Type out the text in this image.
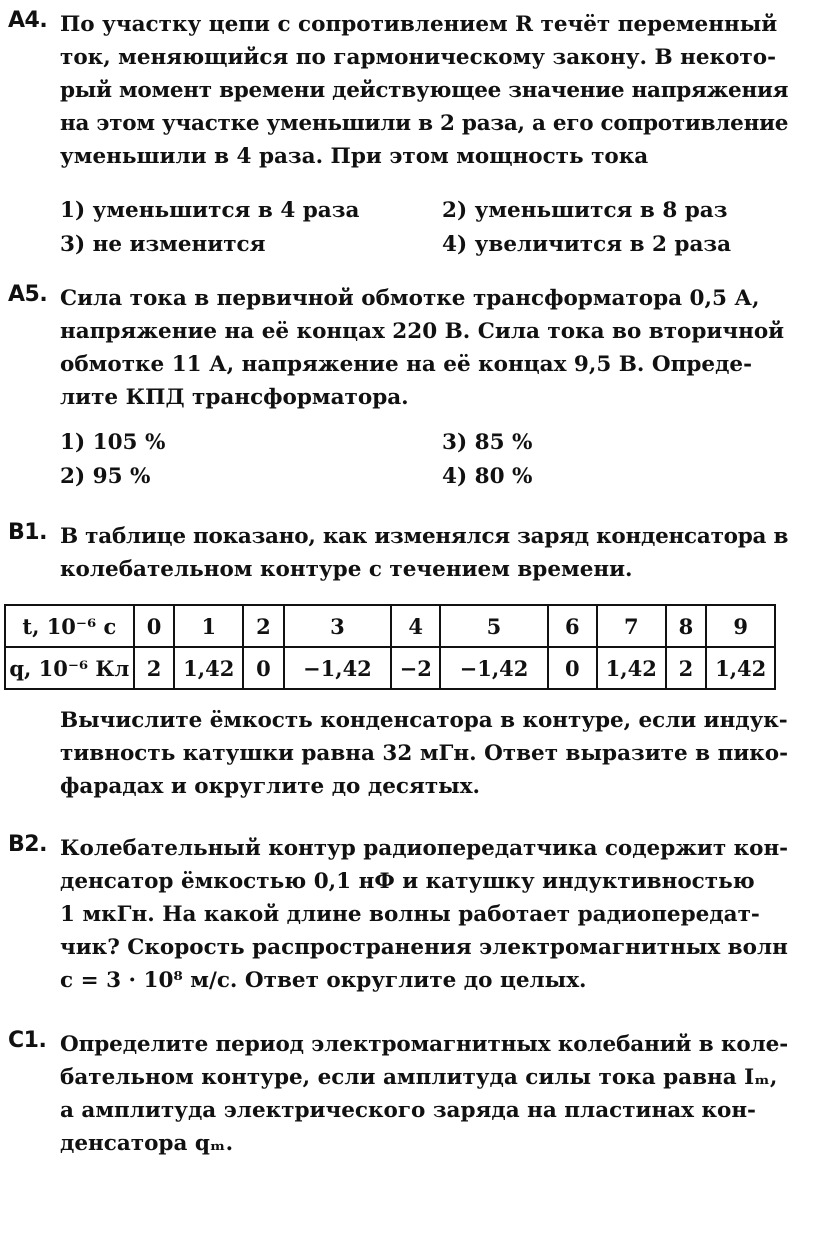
А4. По участку цепи с сопротивлением R течёт переменный
ток, меняющийся по гармоническому закону. В некото-
рый момент времени действующее значение напряжения
на этом участке уменьшили в 2 раза, а его сопротивление
уменьшили в 4 раза. При этом мощность тока
1) уменьшится в 4 раза	2) уменьшится в 8 раз
3) не изменится	4) увеличится в 2 раза
А5. Сила тока в первичной обмотке трансформатора 0,5 А,
напряжение на её концах 220 В. Сила тока во вторичной
обмотке 11 А, напряжение на её концах 9,5 В. Опреде-
лите КПД трансформатора.
1) 105 %	3) 85 %
2) 95 %	4) 80 %
В1. В таблице показано, как изменялся заряд конденсатора в
колебательном контуре с течением времени.
t, 10⁻⁶ с	0	1	2	3	4	5	6	7	8	9
q, 10⁻⁶ Кл	2	1,42	0	−1,42	−2	−1,42	0	1,42	2	1,42
Вычислите ёмкость конденсатора в контуре, если индук-
тивность катушки равна 32 мГн. Ответ выразите в пико-
фарадах и округлите до десятых.
В2. Колебательный контур радиопередатчика содержит кон-
денсатор ёмкостью 0,1 нФ и катушку индуктивностью
1 мкГн. На какой длине волны работает радиопередат-
чик? Скорость распространения электромагнитных волн
c = 3 · 10⁸ м/с. Ответ округлите до целых.
С1. Определите период электромагнитных колебаний в коле-
бательном контуре, если амплитуда силы тока равна Iₘ,
а амплитуда электрического заряда на пластинах кон-
денсатора qₘ.
